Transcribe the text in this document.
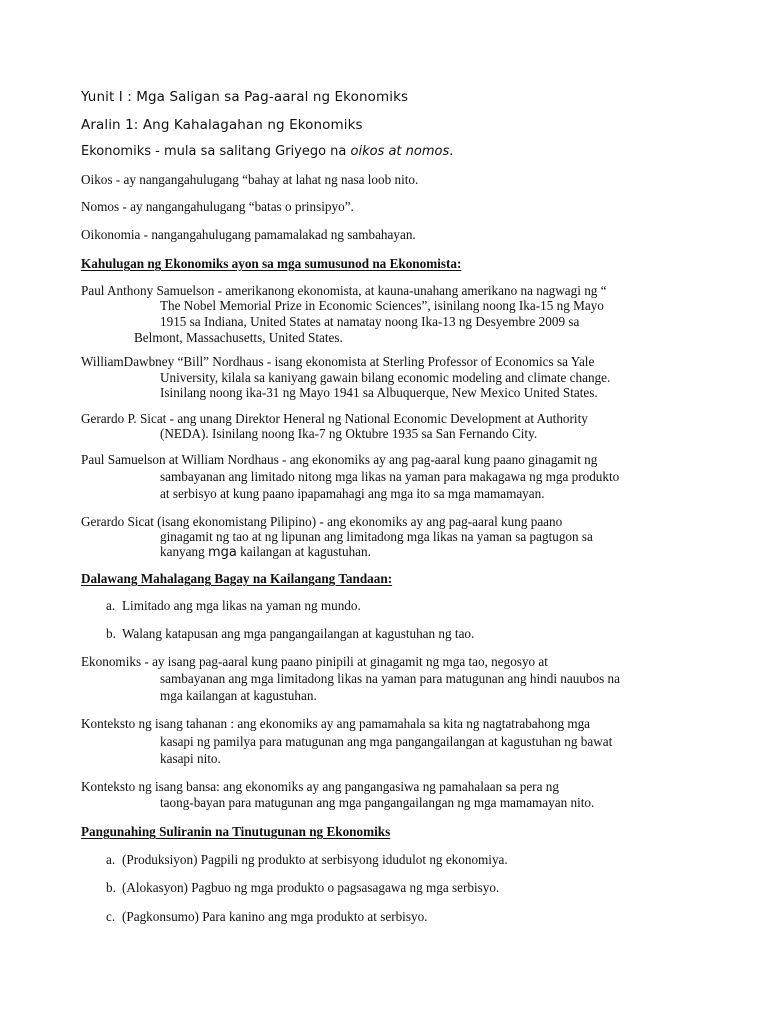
Yunit I : Mga Saligan sa Pag-aaral ng Ekonomiks
Aralin 1: Ang Kahalagahan ng Ekonomiks
Ekonomiks - mula sa salitang Griyego na oikos at nomos.
Oikos - ay nangangahulugang “bahay at lahat ng nasa loob nito.
Nomos - ay nangangahulugang “batas o prinsipyo”.
Oikonomia - nangangahulugang pamamalakad ng sambahayan.
Kahulugan ng Ekonomiks ayon sa mga sumusunod na Ekonomista:
Paul Anthony Samuelson - amerikanong ekonomista, at kauna-unahang amerikano na nagwagi ng “
The Nobel Memorial Prize in Economic Sciences”, isinilang noong Ika-15 ng Mayo
1915 sa Indiana, United States at namatay noong Ika-13 ng Desyembre 2009 sa
Belmont, Massachusetts, United States.
WilliamDawbney “Bill” Nordhaus - isang ekonomista at Sterling Professor of Economics sa Yale
University, kilala sa kaniyang gawain bilang economic modeling and climate change.
Isinilang noong ika-31 ng Mayo 1941 sa Albuquerque, New Mexico United States.
Gerardo P. Sicat - ang unang Direktor Heneral ng National Economic Development at Authority
(NEDA). Isinilang noong Ika-7 ng Oktubre 1935 sa San Fernando City.
Paul Samuelson at William Nordhaus - ang ekonomiks ay ang pag-aaral kung paano ginagamit ng
sambayanan ang limitado nitong mga likas na yaman para makagawa ng mga produkto
at serbisyo at kung paano ipapamahagi ang mga ito sa mga mamamayan.
Gerardo Sicat (isang ekonomistang Pilipino) - ang ekonomiks ay ang pag-aaral kung paano
ginagamit ng tao at ng lipunan ang limitadong mga likas na yaman sa pagtugon sa
kanyang mga kailangan at kagustuhan.
Dalawang Mahalagang Bagay na Kailangang Tandaan:
a. Limitado ang mga likas na yaman ng mundo.
b. Walang katapusan ang mga pangangailangan at kagustuhan ng tao.
Ekonomiks - ay isang pag-aaral kung paano pinipili at ginagamit ng mga tao, negosyo at
sambayanan ang mga limitadong likas na yaman para matugunan ang hindi nauubos na
mga kailangan at kagustuhan.
Konteksto ng isang tahanan : ang ekonomiks ay ang pamamahala sa kita ng nagtatrabahong mga
kasapi ng pamilya para matugunan ang mga pangangailangan at kagustuhan ng bawat
kasapi nito.
Konteksto ng isang bansa: ang ekonomiks ay ang pangangasiwa ng pamahalaan sa pera ng
taong-bayan para matugunan ang mga pangangailangan ng mga mamamayan nito.
Pangunahing Suliranin na Tinutugunan ng Ekonomiks
a. (Produksiyon) Pagpili ng produkto at serbisyong idudulot ng ekonomiya.
b. (Alokasyon) Pagbuo ng mga produkto o pagsasagawa ng mga serbisyo.
c. (Pagkonsumo) Para kanino ang mga produkto at serbisyo.
